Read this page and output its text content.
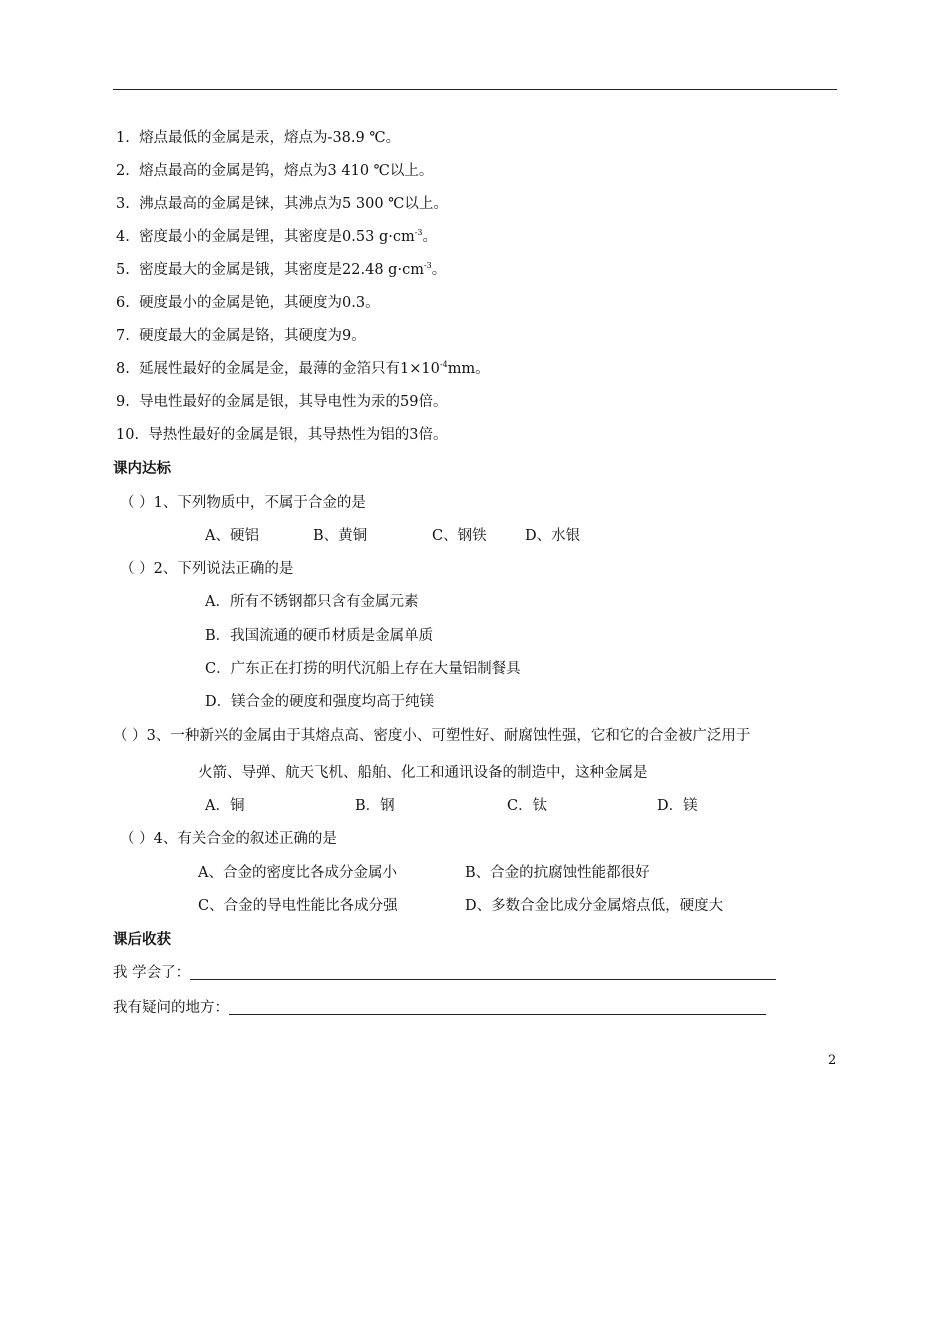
1. 熔点最低的金属是汞，熔点为-38.9 ℃。
2. 熔点最高的金属是钨，熔点为3 410 ℃以上。
3. 沸点最高的金属是铼，其沸点为5 300 ℃以上。
4. 密度最小的金属是锂，其密度是0.53 $g\cdot cm^{-3}$。
5. 密度最大的金属是锇，其密度是22.48 $g\cdot cm^{-3}$。
6. 硬度最小的金属是铯，其硬度为0.3。
7. 硬度最大的金属是铬，其硬度为9。
8. 延展性最好的金属是金，最薄的金箔只有$1\times 10^{-4}mm$。
9. 导电性最好的金属是银，其导电性为汞的59倍。
10. 导热性最好的金属是银，其导热性为铝的3倍。
课内达标
（ ）1、下列物质中，不属于合金的是
A、硬铝	B、黄铜	C、钢铁	D、水银
（ ）2、下列说法正确的是
A．所有不锈钢都只含有金属元素
B．我国流通的硬币材质是金属单质
C．广东正在打捞的明代沉船上存在大量铝制餐具
D．镁合金的硬度和强度均高于纯镁
（ ）3、一种新兴的金属由于其熔点高、密度小、可塑性好、耐腐蚀性强，它和它的合金被广泛用于
火箭、导弹、航天飞机、船舶、化工和通讯设备的制造中，这种金属是
A．铜	B．钢	C．钛	D．镁
（ ）4、有关合金的叙述正确的是
A、合金的密度比各成分金属小	B、合金的抗腐蚀性能都很好
C、合金的导电性能比各成分强	D、多数合金比成分金属熔点低，硬度大
课后收获
我 学会了：
我有疑问的地方：
2
